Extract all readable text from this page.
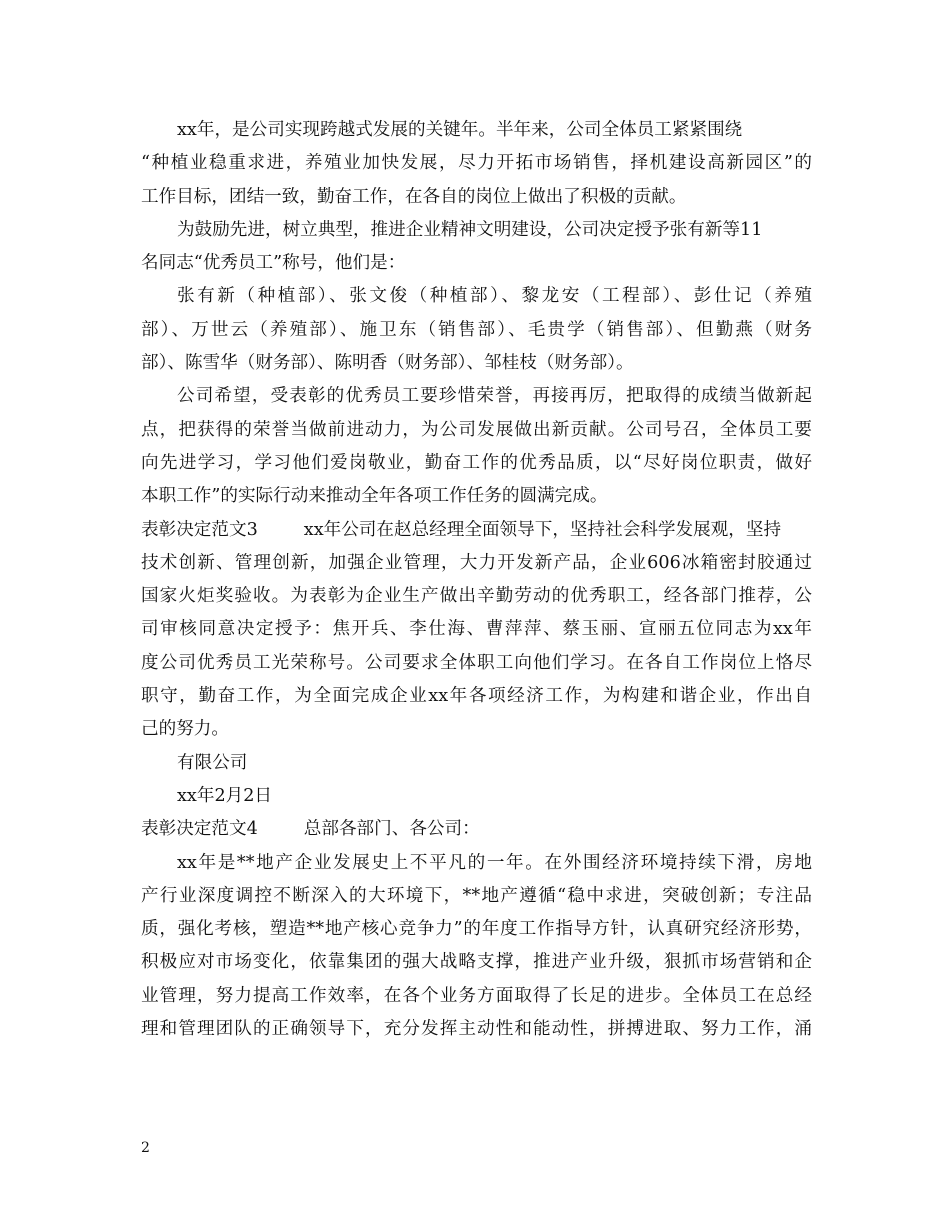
xx年，是公司实现跨越式发展的关键年。半年来，公司全体员工紧紧围绕
“种植业稳重求进，养殖业加快发展，尽力开拓市场销售，择机建设高新园区”的
工作目标，团结一致，勤奋工作，在各自的岗位上做出了积极的贡献。
为鼓励先进，树立典型，推进企业精神文明建设，公司决定授予张有新等11
名同志“优秀员工”称号，他们是：
张有新（种植部）、张文俊（种植部）、黎龙安（工程部）、彭仕记（养殖
部）、万世云（养殖部）、施卫东（销售部）、毛贵学（销售部）、但勤燕（财务
部）、陈雪华（财务部）、陈明香（财务部）、邹桂枝（财务部）。
公司希望，受表彰的优秀员工要珍惜荣誉，再接再厉，把取得的成绩当做新起
点，把获得的荣誉当做前进动力，为公司发展做出新贡献。公司号召，全体员工要
向先进学习，学习他们爱岗敬业，勤奋工作的优秀品质，以“尽好岗位职责，做好
本职工作”的实际行动来推动全年各项工作任务的圆满完成。
表彰决定范文3	xx年公司在赵总经理全面领导下，坚持社会科学发展观，坚持
技术创新、管理创新，加强企业管理，大力开发新产品，企业606冰箱密封胶通过
国家火炬奖验收。为表彰为企业生产做出辛勤劳动的优秀职工，经各部门推荐，公
司审核同意决定授予：焦开兵、李仕海、曹萍萍、蔡玉丽、宣丽五位同志为xx年
度公司优秀员工光荣称号。公司要求全体职工向他们学习。在各自工作岗位上恪尽
职守，勤奋工作，为全面完成企业xx年各项经济工作，为构建和谐企业，作出自
己的努力。
有限公司
xx年2月2日
表彰决定范文4	总部各部门、各公司：
xx年是**地产企业发展史上不平凡的一年。在外围经济环境持续下滑，房地
产行业深度调控不断深入的大环境下，**地产遵循“稳中求进，突破创新；专注品
质，强化考核，塑造**地产核心竞争力”的年度工作指导方针，认真研究经济形势，
积极应对市场变化，依靠集团的强大战略支撑，推进产业升级，狠抓市场营销和企
业管理，努力提高工作效率，在各个业务方面取得了长足的进步。全体员工在总经
理和管理团队的正确领导下，充分发挥主动性和能动性，拼搏进取、努力工作，涌
2
